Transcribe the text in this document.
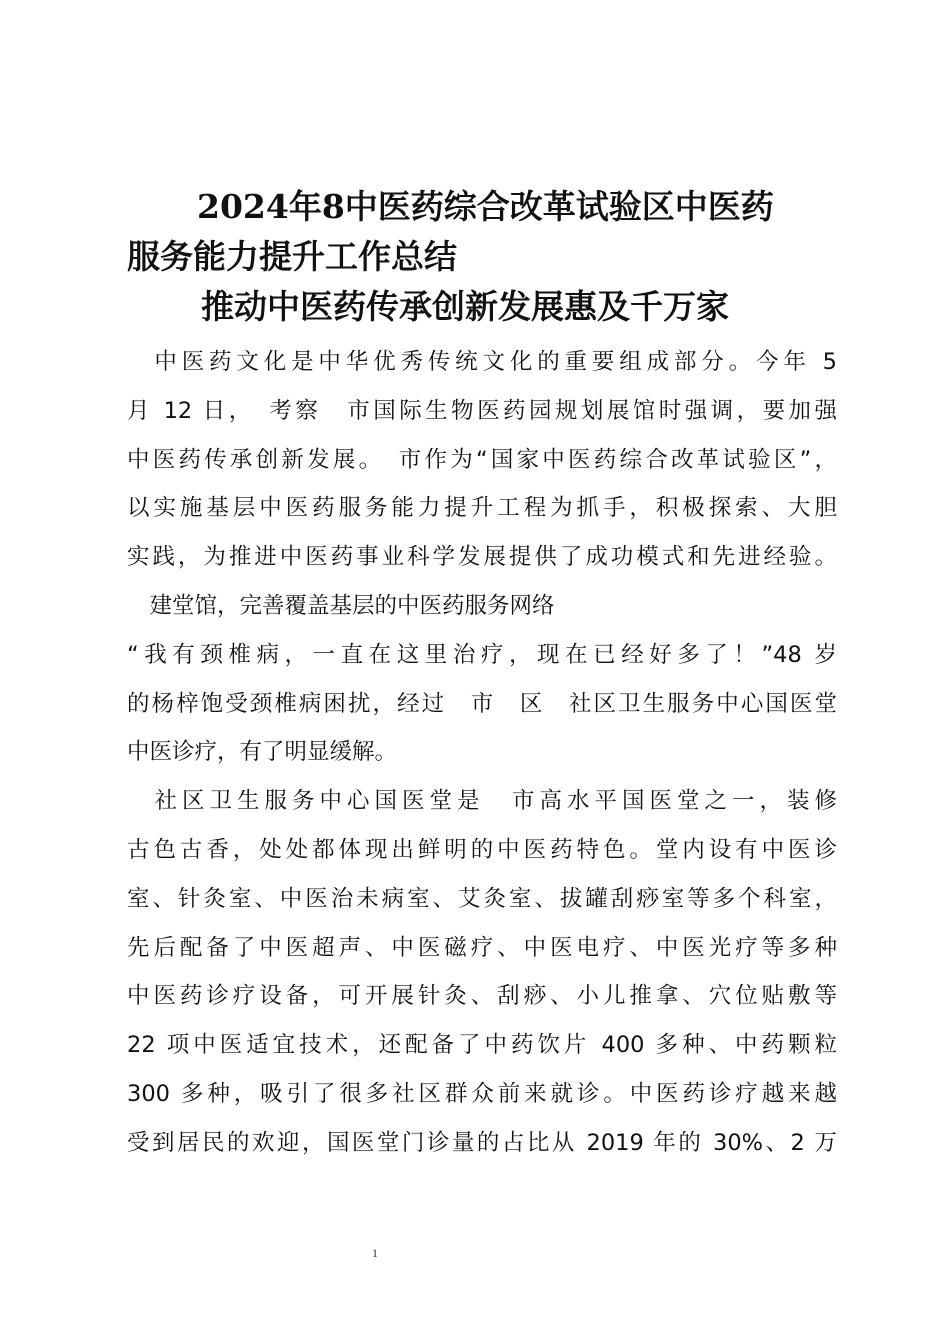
2024年8中医药综合改革试验区中医药
服务能力提升工作总结
推动中医药传承创新发展惠及千万家
　中医药文化是中华优秀传统文化的重要组成部分。今年 5
月 12 日，　考察　市国际生物医药园规划展馆时强调，要加强
中医药传承创新发展。　市作为“国家中医药综合改革试验区”，
以实施基层中医药服务能力提升工程为抓手，积极探索、大胆
实践，为推进中医药事业科学发展提供了成功模式和先进经验。
　建堂馆，完善覆盖基层的中医药服务网络
“我有颈椎病，一直在这里治疗，现在已经好多了！”48 岁
的杨梓饱受颈椎病困扰，经过　市　区　社区卫生服务中心国医堂
中医诊疗，有了明显缓解。
　社区卫生服务中心国医堂是　市高水平国医堂之一，装修
古色古香，处处都体现出鲜明的中医药特色。堂内设有中医诊
室、针灸室、中医治未病室、艾灸室、拔罐刮痧室等多个科室，
先后配备了中医超声、中医磁疗、中医电疗、中医光疗等多种
中医药诊疗设备，可开展针灸、刮痧、小儿推拿、穴位贴敷等
22 项中医适宜技术，还配备了中药饮片 400 多种、中药颗粒
300 多种，吸引了很多社区群众前来就诊。中医药诊疗越来越
受到居民的欢迎，国医堂门诊量的占比从 2019 年的 30%、2 万
1
